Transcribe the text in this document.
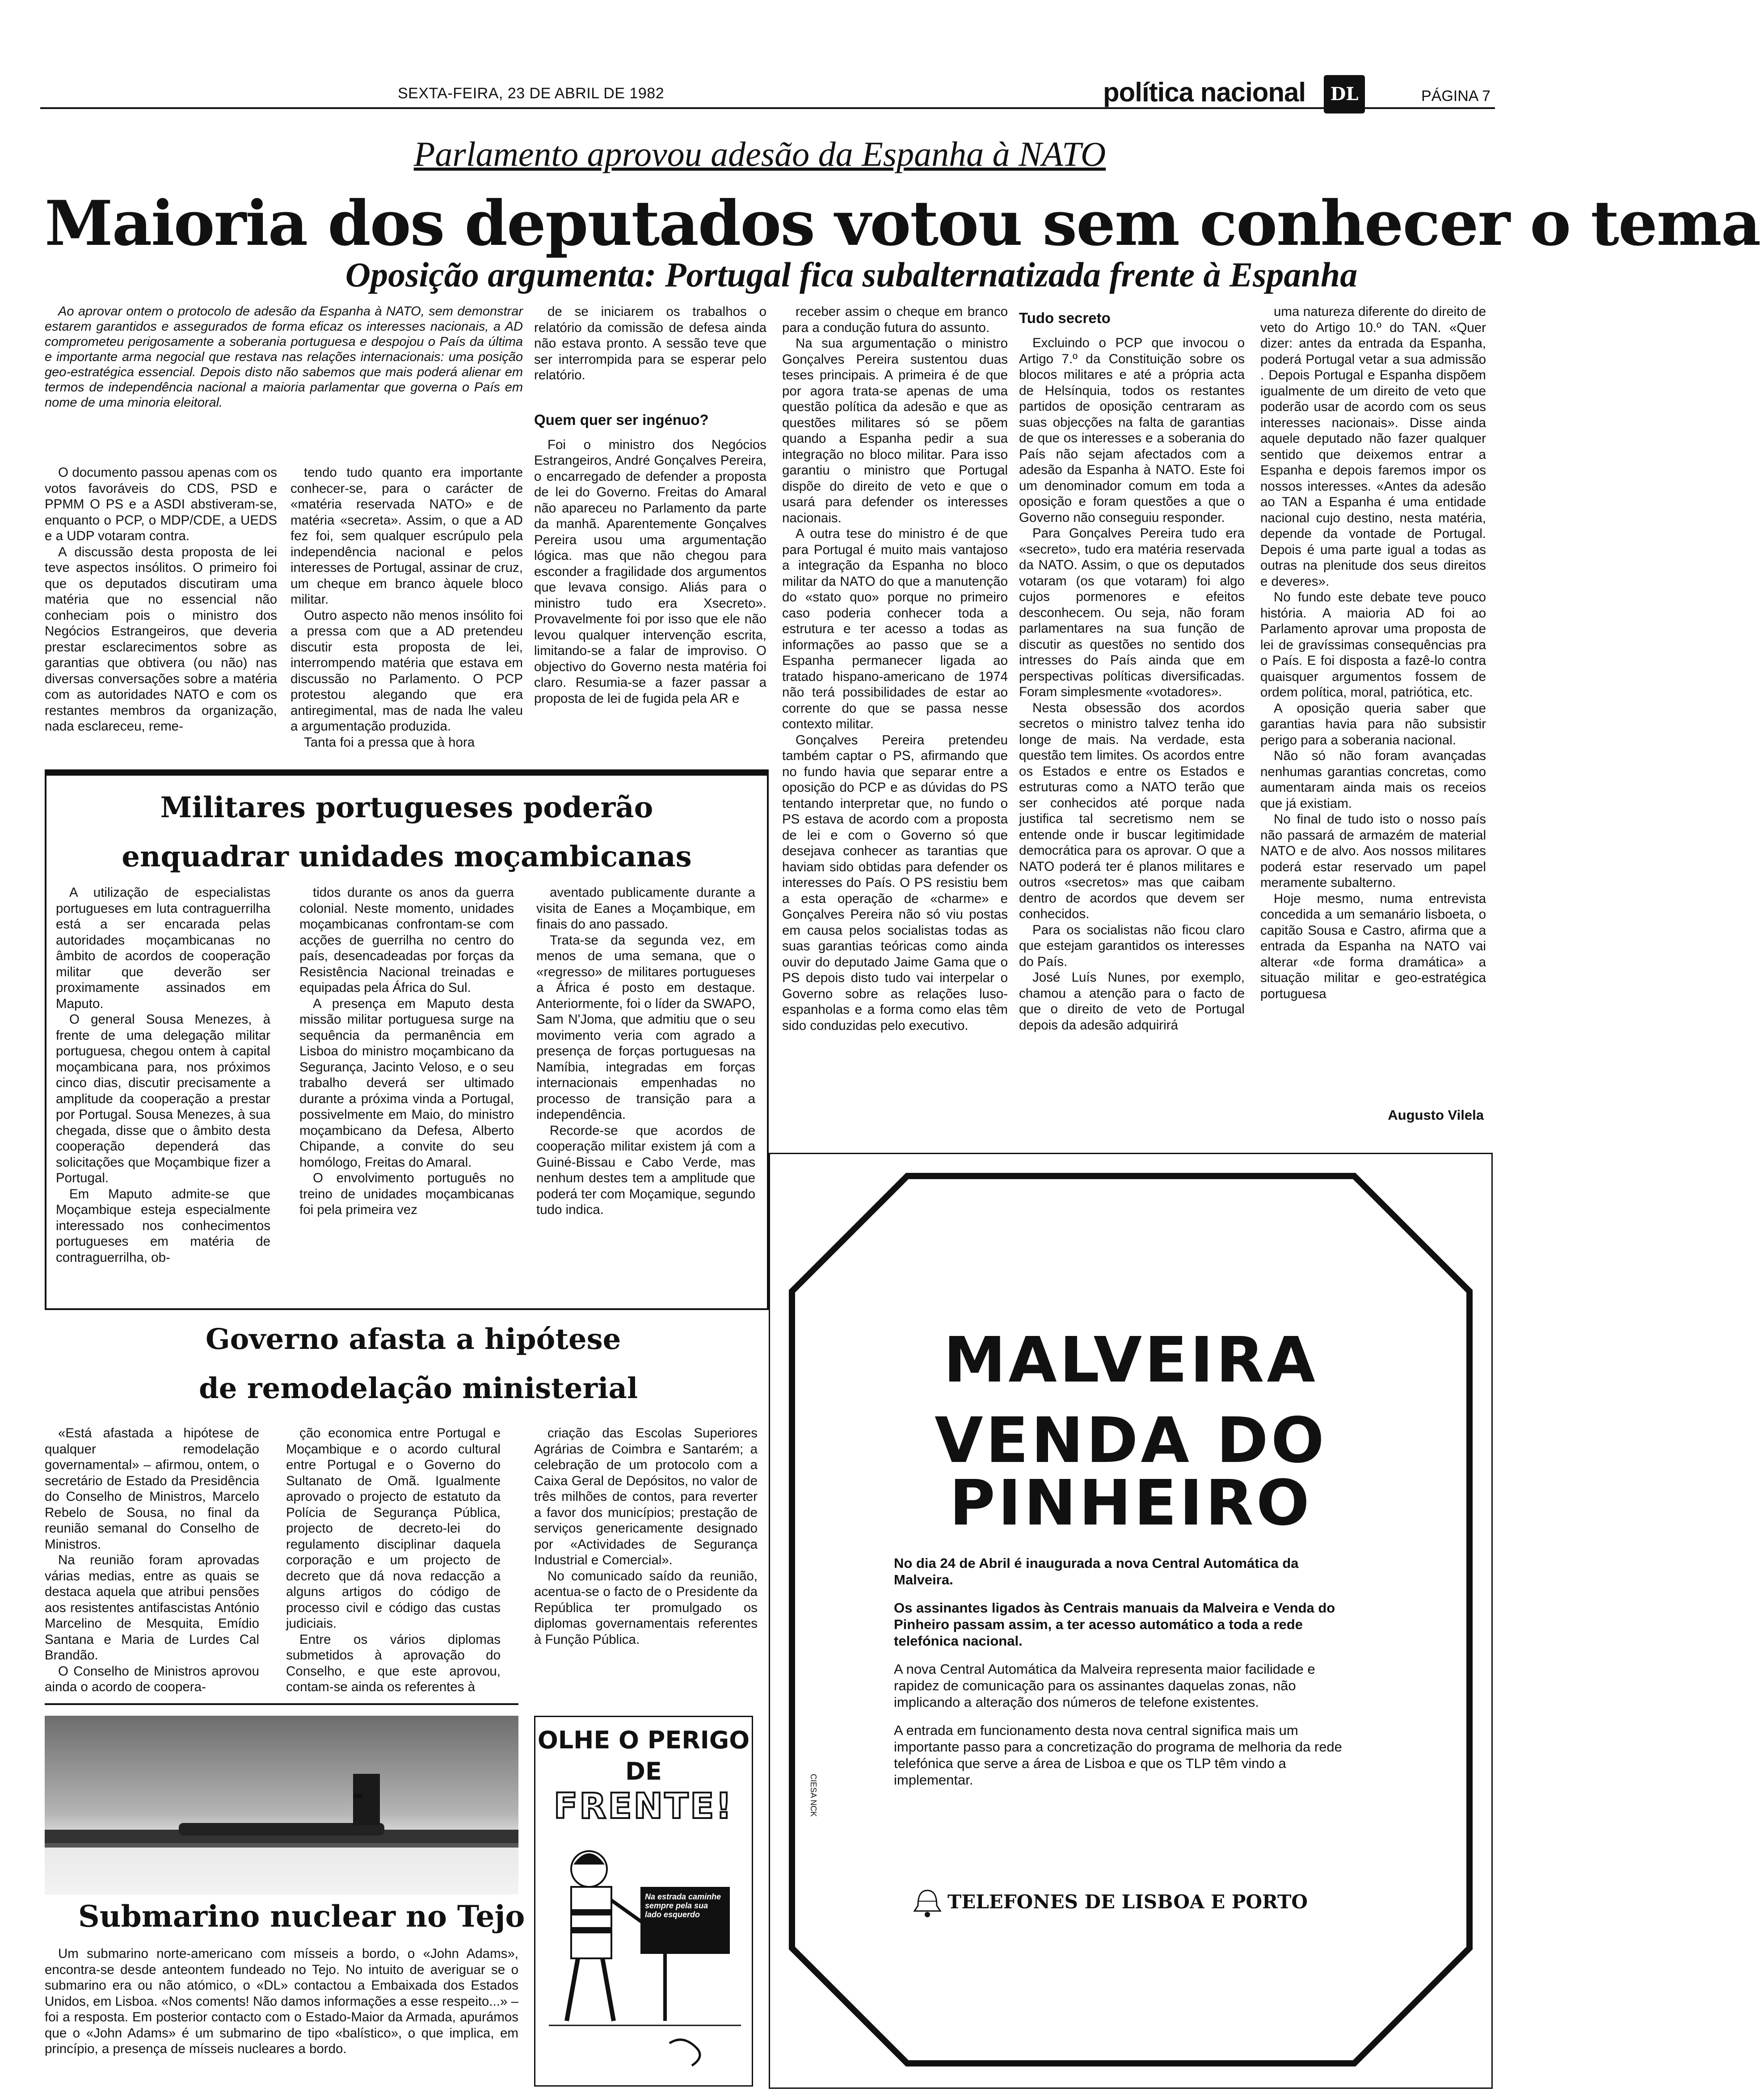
SEXTA-FEIRA, 23 DE ABRIL DE 1982	política nacional	DL	PÁGINA 7
Parlamento aprovou adesão da Espanha à NATO
Maioria dos deputados votou sem conhecer o tema
Oposição argumenta: Portugal fica subalternatizada frente à Espanha

Ao aprovar ontem o protocolo de adesão da Espanha à NATO, sem demonstrar estarem garantidos e assegurados de forma eficaz os interesses nacionais, a AD comprometeu perigosamente a soberania portuguesa e despojou o País da última e importante arma negocial que restava nas relações internacionais: uma posição geo-estratégica essencial. Depois disto não sabemos que mais poderá alienar em termos de independência nacional a maioria parlamentar que governa o País em nome de uma minoria eleitoral.

O documento passou apenas com os votos favoráveis do CDS, PSD e PPMM O PS e a ASDI abstiveram-se, enquanto o PCP, o MDP/CDE, a UEDS e a UDP votaram contra.

A discussão desta proposta de lei teve aspectos insólitos. O primeiro foi que os deputados discutiram uma matéria que no essencial não conheciam pois o ministro dos Negócios Estrangeiros, que deveria prestar esclarecimentos sobre as garantias que obtivera (ou não) nas diversas conversações sobre a matéria com as autoridades NATO e com os restantes membros da organização, nada esclareceu, reme-

tendo tudo quanto era importante conhecer-se, para o carácter de «matéria reservada NATO» e de matéria «secreta». Assim, o que a AD fez foi, sem qualquer escrúpulo pela independência nacional e pelos interesses de Portugal, assinar de cruz, um cheque em branco àquele bloco militar.

Outro aspecto não menos insólito foi a pressa com que a AD pretendeu discutir esta proposta de lei, interrompendo matéria que estava em discussão no Parlamento. O PCP protestou alegando que era antiregimental, mas de nada lhe valeu a argumentação produzida.

Tanta foi a pressa que à hora

de se iniciarem os trabalhos o relatório da comissão de defesa ainda não estava pronto. A sessão teve que ser interrompida para se esperar pelo relatório.

Quem quer ser ingénuo?

Foi o ministro dos Negócios Estrangeiros, André Gonçalves Pereira, o encarregado de defender a proposta de lei do Governo. Freitas do Amaral não apareceu no Parlamento da parte da manhã. Aparentemente Gonçalves Pereira usou uma argumentação lógica. mas que não chegou para esconder a fragilidade dos argumentos que levava consigo. Aliás para o ministro tudo era Xsecreto». Provavelmente foi por isso que ele não levou qualquer intervenção escrita, limitando-se a falar de improviso. O objectivo do Governo nesta matéria foi claro. Resumia-se a fazer passar a proposta de lei de fugida pela AR e

receber assim o cheque em branco para a condução futura do assunto.

Na sua argumentação o ministro Gonçalves Pereira sustentou duas teses principais. A primeira é de que por agora trata-se apenas de uma questão política da adesão e que as questões militares só se põem quando a Espanha pedir a sua integração no bloco militar. Para isso garantiu o ministro que Portugal dispõe do direito de veto e que o usará para defender os interesses nacionais.

A outra tese do ministro é de que para Portugal é muito mais vantajoso a integração da Espanha no bloco militar da NATO do que a manutenção do «stato quo» porque no primeiro caso poderia conhecer toda a estrutura e ter acesso a todas as informações ao passo que se a Espanha permanecer ligada ao tratado hispano-americano de 1974 não terá possibilidades de estar ao corrente do que se passa nesse contexto militar.

Gonçalves Pereira pretendeu também captar o PS, afirmando que no fundo havia que separar entre a oposição do PCP e as dúvidas do PS tentando interpretar que, no fundo o PS estava de acordo com a proposta de lei e com o Governo só que desejava conhecer as tarantias que haviam sido obtidas para defender os interesses do País. O PS resistiu bem a esta operação de «charme» e Gonçalves Pereira não só viu postas em causa pelos socialistas todas as suas garantias teóricas como ainda ouvir do deputado Jaime Gama que o PS depois disto tudo vai interpelar o Governo sobre as relações luso-espanholas e a forma como elas têm sido conduzidas pelo executivo.

Tudo secreto

Excluindo o PCP que invocou o Artigo 7.º da Constituição sobre os blocos militares e até a própria acta de Helsínquia, todos os restantes partidos de oposição centraram as suas objecções na falta de garantias de que os interesses e a soberania do País não sejam afectados com a adesão da Espanha à NATO. Este foi um denominador comum em toda a oposição e foram questões a que o Governo não conseguiu responder.

Para Gonçalves Pereira tudo era «secreto», tudo era matéria reservada da NATO. Assim, o que os deputados votaram (os que votaram) foi algo cujos pormenores e efeitos desconhecem. Ou seja, não foram parlamentares na sua função de discutir as questões no sentido dos intresses do País ainda que em perspectivas políticas diversificadas. Foram simplesmente «votadores».

Nesta obsessão dos acordos secretos o ministro talvez tenha ido longe de mais. Na verdade, esta questão tem limites. Os acordos entre os Estados e entre os Estados e estruturas como a NATO terão que ser conhecidos até porque nada justifica tal secretismo nem se entende onde ir buscar legitimidade democrática para os aprovar. O que a NATO poderá ter é planos militares e outros «secretos» mas que caibam dentro de acordos que devem ser conhecidos.

Para os socialistas não ficou claro que estejam garantidos os interesses do País.

José Luís Nunes, por exemplo, chamou a atenção para o facto de que o direito de veto de Portugal depois da adesão adquirirá

uma natureza diferente do direito de veto do Artigo 10.º do TAN. «Quer dizer: antes da entrada da Espanha, poderá Portugal vetar a sua admissão . Depois Portugal e Espanha dispõem igualmente de um direito de veto que poderão usar de acordo com os seus interesses nacionais». Disse ainda aquele deputado não fazer qualquer sentido que deixemos entrar a Espanha e depois faremos impor os nossos interesses. «Antes da adesão ao TAN a Espanha é uma entidade nacional cujo destino, nesta matéria, depende da vontade de Portugal. Depois é uma parte igual a todas as outras na plenitude dos seus direitos e deveres».

No fundo este debate teve pouco história. A maioria AD foi ao Parlamento aprovar uma proposta de lei de gravíssimas consequências pra o País. E foi disposta a fazê-lo contra quaisquer argumentos fossem de ordem política, moral, patriótica, etc.

A oposição queria saber que garantias havia para não subsistir perigo para a soberania nacional.

Não só não foram avançadas nenhumas garantias concretas, como aumentaram ainda mais os receios que já existiam.

No final de tudo isto o nosso país não passará de armazém de material NATO e de alvo. Aos nossos militares poderá estar reservado um papel meramente subalterno.

Hoje mesmo, numa entrevista concedida a um semanário lisboeta, o capitão Sousa e Castro, afirma que a entrada da Espanha na NATO vai alterar «de forma dramática» a situação militar e geo-estratégica portuguesa

Augusto Vilela
Militares portugueses poderão
enquadrar unidades moçambicanas

A utilização de especialistas portugueses em luta contraguerrilha está a ser encarada pelas autoridades moçambicanas no âmbito de acordos de cooperação militar que deverão ser proximamente assinados em Maputo.

O general Sousa Menezes, à frente de uma delegação militar portuguesa, chegou ontem à capital moçambicana para, nos próximos cinco dias, discutir precisamente a amplitude da cooperação a prestar por Portugal. Sousa Menezes, à sua chegada, disse que o âmbito desta cooperação dependerá das solicitações que Moçambique fizer a Portugal.

Em Maputo admite-se que Moçambique esteja especialmente interessado nos conhecimentos portugueses em matéria de contraguerrilha, ob-

tidos durante os anos da guerra colonial. Neste momento, unidades moçambicanas confrontam-se com acções de guerrilha no centro do país, desencadeadas por forças da Resistência Nacional treinadas e equipadas pela África do Sul.

A presença em Maputo desta missão militar portuguesa surge na sequência da permanência em Lisboa do ministro moçambicano da Segurança, Jacinto Veloso, e o seu trabalho deverá ser ultimado durante a próxima vinda a Portugal, possivelmente em Maio, do ministro moçambicano da Defesa, Alberto Chipande, a convite do seu homólogo, Freitas do Amaral.

O envolvimento português no treino de unidades moçambicanas foi pela primeira vez

aventado publicamente durante a visita de Eanes a Moçambique, em finais do ano passado.

Trata-se da segunda vez, em menos de uma semana, que o «regresso» de militares portugueses a África é posto em destaque. Anteriormente, foi o líder da SWAPO, Sam N'Joma, que admitiu que o seu movimento veria com agrado a presença de forças portuguesas na Namíbia, integradas em forças internacionais empenhadas no processo de transição para a independência.

Recorde-se que acordos de cooperação militar existem já com a Guiné-Bissau e Cabo Verde, mas nenhum destes tem a amplitude que poderá ter com Moçamique, segundo tudo indica.

Governo afasta a hipótese
de remodelação ministerial

«Está afastada a hipótese de qualquer remodelação governamental» – afirmou, ontem, o secretário de Estado da Presidência do Conselho de Ministros, Marcelo Rebelo de Sousa, no final da reunião semanal do Conselho de Ministros.

Na reunião foram aprovadas várias medias, entre as quais se destaca aquela que atribui pensões aos resistentes antifascistas António Marcelino de Mesquita, Emídio Santana e Maria de Lurdes Cal Brandão.

O Conselho de Ministros aprovou ainda o acordo de coopera-

ção economica entre Portugal e Moçambique e o acordo cultural entre Portugal e o Governo do Sultanato de Omã. Igualmente aprovado o projecto de estatuto da Polícia de Segurança Pública, projecto de decreto-lei do regulamento disciplinar daquela corporação e um projecto de decreto que dá nova redacção a alguns artigos do código de processo civil e código das custas judiciais.

Entre os vários diplomas submetidos à aprovação do Conselho, e que este aprovou, contam-se ainda os referentes à

criação das Escolas Superiores Agrárias de Coimbra e Santarém; a celebração de um protocolo com a Caixa Geral de Depósitos, no valor de três milhões de contos, para reverter a favor dos municípios; prestação de serviços genericamente designado por «Actividades de Segurança Industrial e Comercial».

No comunicado saído da reunião, acentua-se o facto de o Presidente da República ter promulgado os diplomas governamentais referentes à Função Pública.

Submarino nuclear no Tejo

Um submarino norte-americano com mísseis a bordo, o «John Adams», encontra-se desde anteontem fundeado no Tejo. No intuito de averiguar se o submarino era ou não atómico, o «DL» contactou a Embaixada dos Estados Unidos, em Lisboa. «Nos coments! Não damos informações a esse respeito...» – foi a resposta. Em posterior contacto com o Estado-Maior da Armada, apurámos que o «John Adams» é um submarino de tipo «balístico», o que implica, em princípio, a presença de mísseis nucleares a bordo.

OLHE O PERIGO
DE
FRENTE!
Na estrada caminhe sempre pela sua lado esquerdo
MALVEIRA
VENDA DO
PINHEIRO

No dia 24 de Abril é inaugurada a nova Central Automática da Malveira.

Os assinantes ligados às Centrais manuais da Malveira e Venda do Pinheiro passam assim, a ter acesso automático a toda a rede telefónica nacional.

A nova Central Automática da Malveira representa maior facilidade e rapidez de comunicação para os assinantes daquelas zonas, não implicando a alteração dos números de telefone existentes.

A entrada em funcionamento desta nova central significa mais um importante passo para a concretização do programa de melhoria da rede telefónica que serve a área de Lisboa e que os TLP têm vindo a implementar.

CIESA NCK
TELEFONES DE LISBOA E PORTO
